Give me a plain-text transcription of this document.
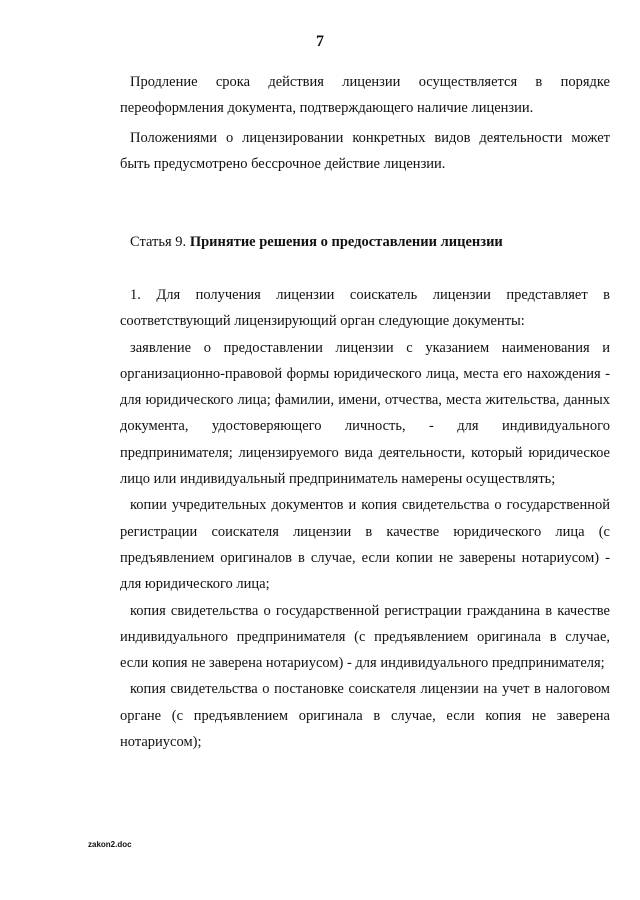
7

Продление срока действия лицензии осуществляется в порядке переоформления документа, подтверждающего наличие лицензии.

Положениями о лицензировании конкретных видов деятельности может быть предусмотрено бессрочное действие лицензии.

Статья 9. Принятие решения о предоставлении лицензии

1. Для получения лицензии соискатель лицензии представляет в соответствующий лицензирующий орган следующие документы:

заявление о предоставлении лицензии с указанием наименования и организационно-правовой формы юридического лица, места его нахождения - для юридического лица; фамилии, имени, отчества, места жительства, данных документа, удостоверяющего личность, - для индивидуального предпринимателя; лицензируемого вида деятельности, который юридическое лицо или индивидуальный предприниматель намерены осуществлять;

копии учредительных документов и копия свидетельства о государственной регистрации соискателя лицензии в качестве юридического лица (с предъявлением оригиналов в случае, если копии не заверены нотариусом) - для юридического лица;

копия свидетельства о государственной регистрации гражданина в качестве индивидуального предпринимателя (с предъявлением оригинала в случае, если копия не заверена нотариусом) - для индивидуального предпринимателя;

копия свидетельства о постановке соискателя лицензии на учет в налоговом органе (с предъявлением оригинала в случае, если копия не заверена нотариусом);

zakon2.doc
